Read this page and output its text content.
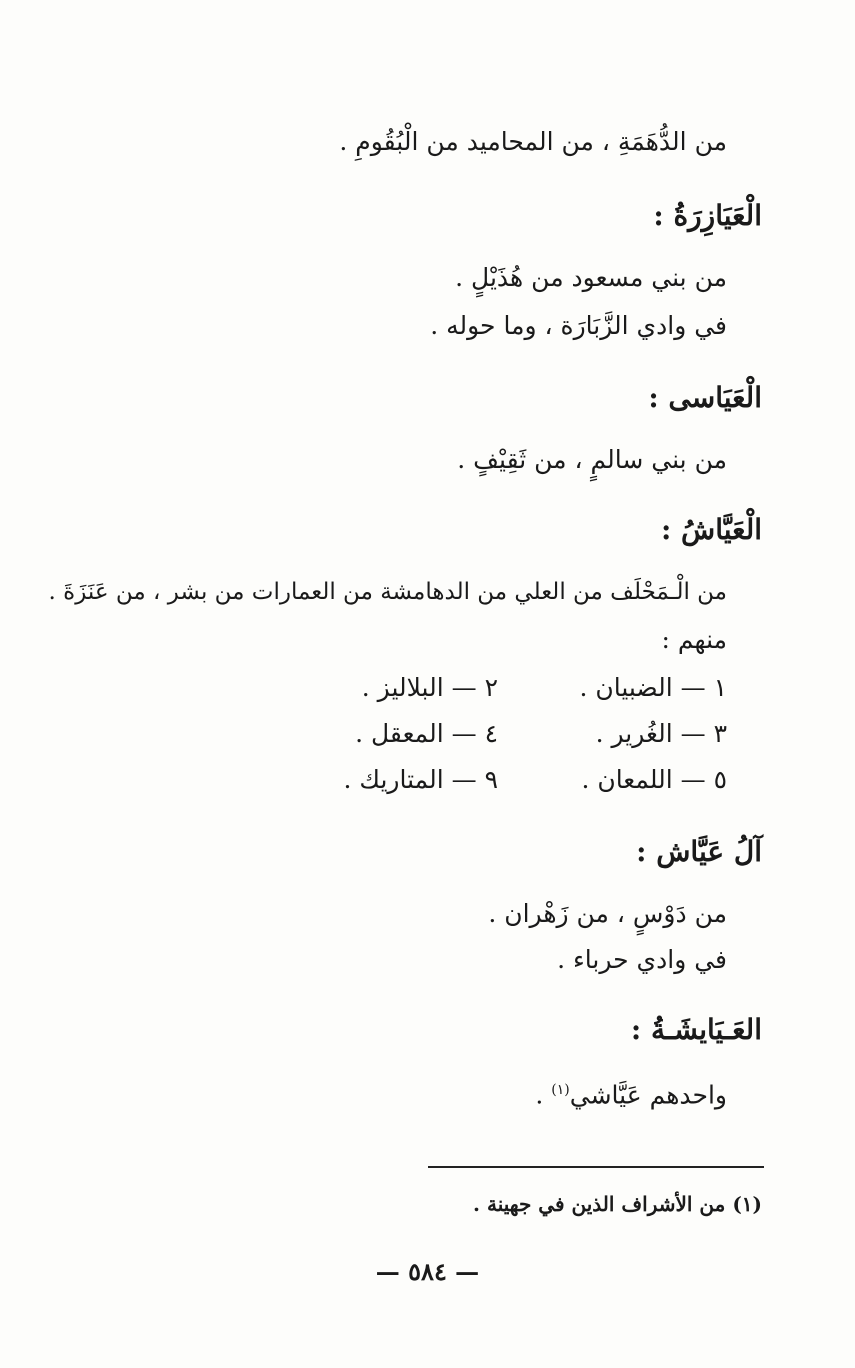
من الدُّهَمَةِ ، من المحاميد من الْبُقُومِ .
الْعَيَازِرَةُ :
من بني مسعود من هُذَيْلٍ .
في وادي الزَّبَارَة ، وما حوله .
الْعَيَاسى :
من بني سالمٍ ، من ثَقِيْفٍ .
الْعَيَّاشُ :
من الْـمَحْلَف من العلي من الدهامشة من العمارات من بشر ، من عَنَزَةَ .
منهم :
١ — الضبيان .
٢ — البلاليز .
٣ — الغُرير .
٤ — المعقل .
٥ — اللمعان .
٩ — المتاريك .
آلُ عَيَّاش :
من دَوْسٍ ، من زَهْران .
في وادي حرباء .
العَـيَايشَـةُ :
واحدهم عَيَّاشي$^{(١)}$ .
(١) من الأشراف الذين في جهينة .
— ٥٨٤ —
